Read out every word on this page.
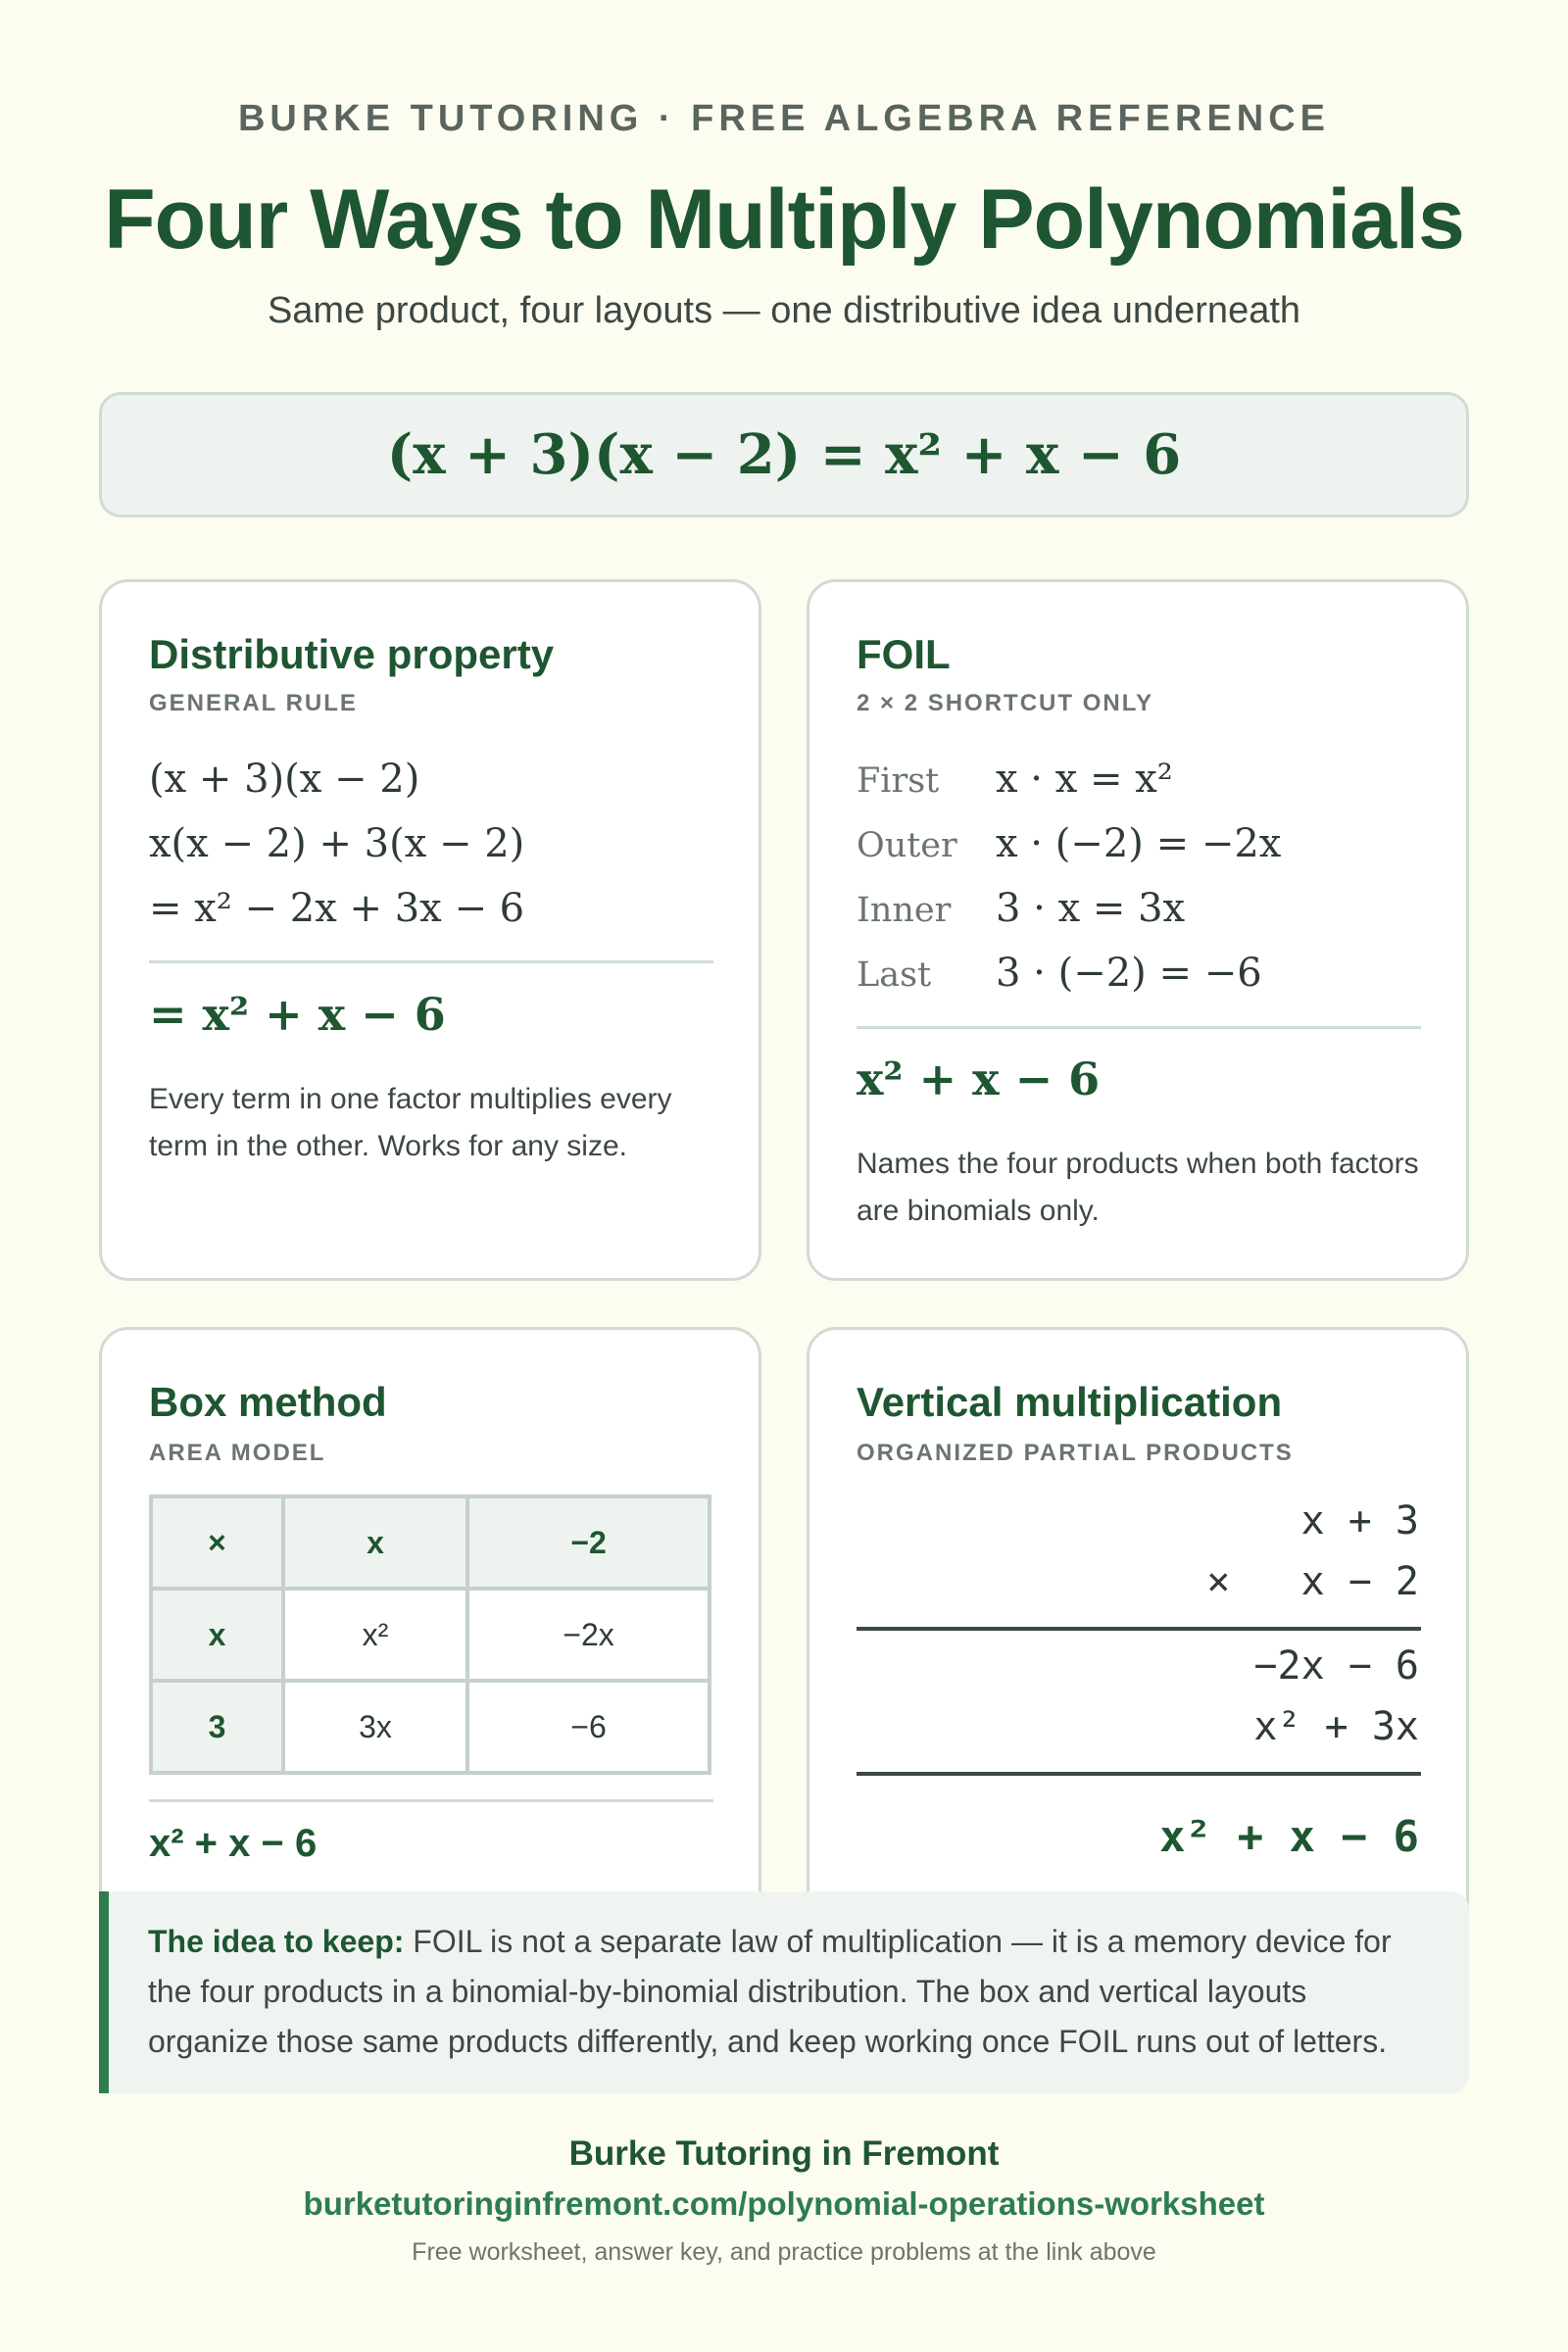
BURKE TUTORING · FREE ALGEBRA REFERENCE
Four Ways to Multiply Polynomials
Same product, four layouts — one distributive idea underneath
(x + 3)(x − 2) = x² + x − 6
Distributive property
GENERAL RULE
(x + 3)(x − 2)
x(x − 2) + 3(x − 2)
= x² − 2x + 3x − 6
= x² + x − 6
Every term in one factor multiplies every term in the other. Works for any size.
FOIL
2 × 2 SHORTCUT ONLY
First x · x = x²
Outer x · (−2) = −2x
Inner 3 · x = 3x
Last 3 · (−2) = −6
x² + x − 6
Names the four products when both factors are binomials only.
Box method
AREA MODEL
×	x	−2
x	x²	−2x
3	3x	−6
x² + x − 6
Vertical multiplication
ORGANIZED PARTIAL PRODUCTS
x + 3
×   x − 2
−2x − 6
x² + 3x
x² + x − 6
The idea to keep: FOIL is not a separate law of multiplication — it is a memory device for the four products in a binomial-by-binomial distribution. The box and vertical layouts organize those same products differently, and keep working once FOIL runs out of letters.
Burke Tutoring in Fremont
burketutoringinfremont.com/polynomial-operations-worksheet
Free worksheet, answer key, and practice problems at the link above
